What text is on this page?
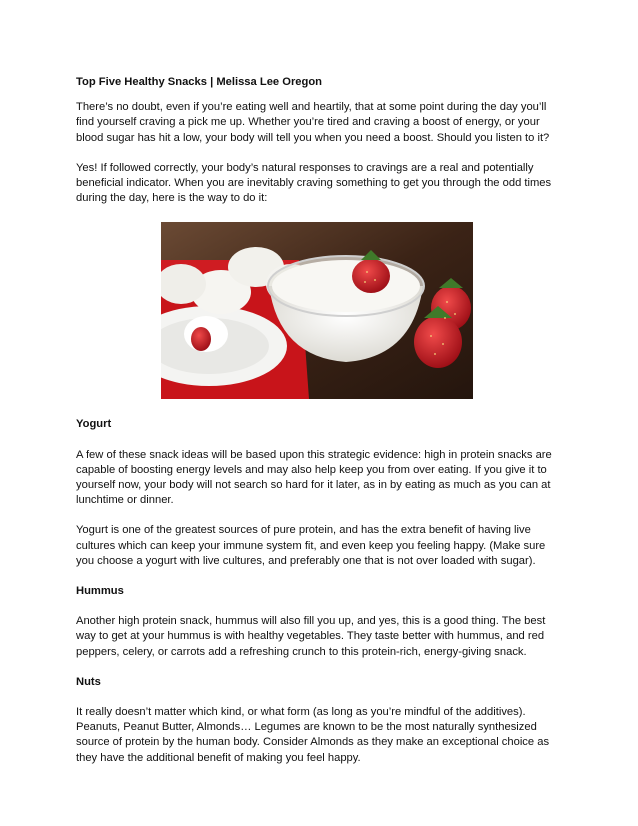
Top Five Healthy Snacks | Melissa Lee Oregon

There’s no doubt, even if you’re eating well and heartily, that at some point during the day you’ll find yourself craving a pick me up. Whether you’re tired and craving a boost of energy, or your blood sugar has hit a low, your body will tell you when you need a boost. Should you listen to it?

Yes! If followed correctly, your body’s natural responses to cravings are a real and potentially beneficial indicator. When you are inevitably craving something to get you through the odd times during the day, here is the way to do it:

Yogurt

A few of these snack ideas will be based upon this strategic evidence: high in protein snacks are capable of boosting energy levels and may also help keep you from over eating. If you give it to yourself now, your body will not search so hard for it later, as in by eating as much as you can at lunchtime or dinner.

Yogurt is one of the greatest sources of pure protein, and has the extra benefit of having live cultures which can keep your immune system fit, and even keep you feeling happy. (Make sure you choose a yogurt with live cultures, and preferably one that is not over loaded with sugar).

Hummus

Another high protein snack, hummus will also fill you up, and yes, this is a good thing. The best way to get at your hummus is with healthy vegetables. They taste better with hummus, and red peppers, celery, or carrots add a refreshing crunch to this protein-rich, energy-giving snack.

Nuts

It really doesn’t matter which kind, or what form (as long as you’re mindful of the additives). Peanuts, Peanut Butter, Almonds… Legumes are known to be the most naturally synthesized source of protein by the human body. Consider Almonds as they make an exceptional choice as they have the additional benefit of making you feel happy.
